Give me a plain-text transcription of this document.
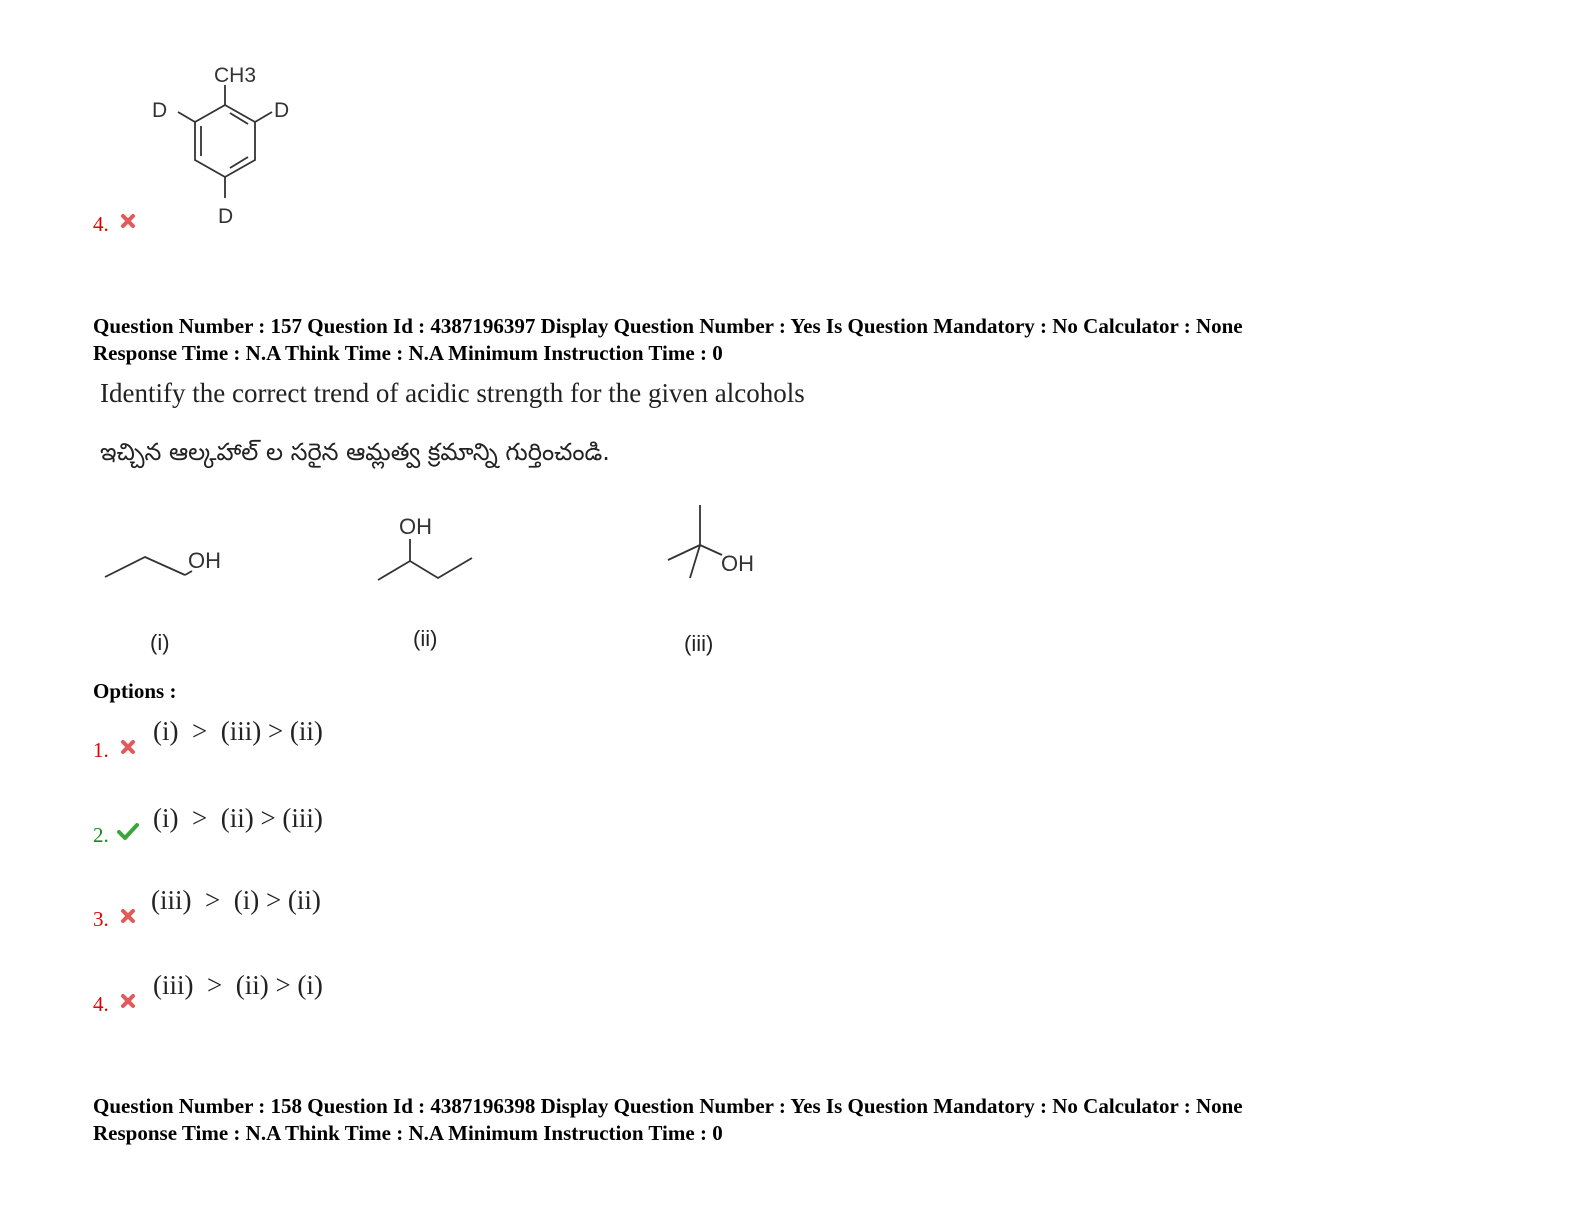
4.
CH3
D
D
D
Question Number : 157 Question Id : 4387196397 Display Question Number : Yes Is Question Mandatory : No Calculator : None
Response Time : N.A Think Time : N.A Minimum Instruction Time : 0
Identify the correct trend of acidic strength for the given alcohols
ఇచ్చిన ఆల్కహాల్ ల సరైన ఆమ్లత్వ క్రమాన్ని గుర్తించండి.
OH
(i)
OH
(ii)
OH
(iii)
Options :
1.
(i)  >  (iii) > (ii)
2.
(i)  >  (ii) > (iii)
3.
(iii)  >  (i) > (ii)
4.
(iii)  >  (ii) > (i)
Question Number : 158 Question Id : 4387196398 Display Question Number : Yes Is Question Mandatory : No Calculator : None
Response Time : N.A Think Time : N.A Minimum Instruction Time : 0
